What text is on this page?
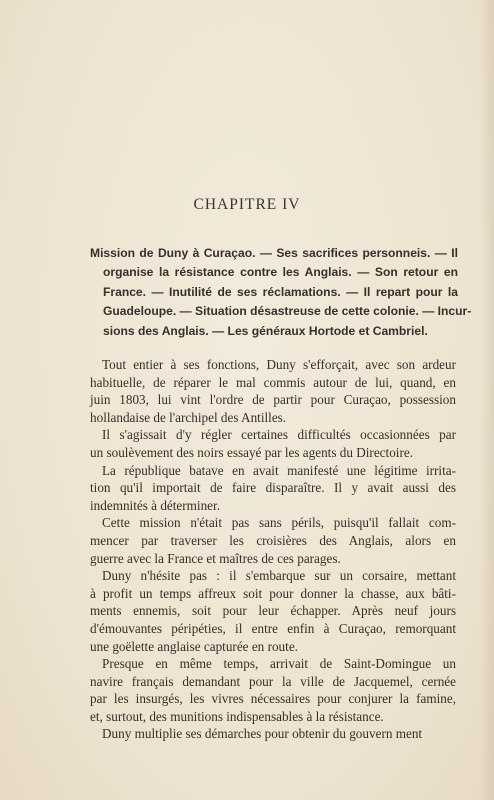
CHAPITRE IV
Mission de Duny à Curaçao. — Ses sacrifices personneis. — Il
organise la résistance contre les Anglais. — Son retour en
France. — Inutilité de ses réclamations. — Il repart pour la
Guadeloupe. — Situation désastreuse de cette colonie. — Incur-
sions des Anglais. — Les généraux Hortode et Cambriel.
Tout entier à ses fonctions, Duny s'efforçait, avec son ardeur
habituelle, de réparer le mal commis autour de lui, quand, en
juin 1803, lui vint l'ordre de partir pour Curaçao, possession
hollandaise de l'archipel des Antilles.
Il s'agissait d'y régler certaines difficultés occasionnées par
un soulèvement des noirs essayé par les agents du Directoire.
La république batave en avait manifesté une légitime irrita-
tion qu'il importait de faire disparaître. Il y avait aussi des
indemnités à déterminer.
Cette mission n'était pas sans périls, puisqu'il fallait com-
mencer par traverser les croisières des Anglais, alors en
guerre avec la France et maîtres de ces parages.
Duny n'hésite pas : il s'embarque sur un corsaire, mettant
à profit un temps affreux soit pour donner la chasse, aux bâti-
ments ennemis, soit pour leur échapper. Après neuf jours
d'émouvantes péripéties, il entre enfin à Curaçao, remorquant
une goëlette anglaise capturée en route.
Presque en même temps, arrivait de Saint-Domingue un
navire français demandant pour la ville de Jacquemel, cernée
par les insurgés, les vivres nécessaires pour conjurer la famine,
et, surtout, des munitions indispensables à la résistance.
Duny multiplie ses démarches pour obtenir du gouvern ment
